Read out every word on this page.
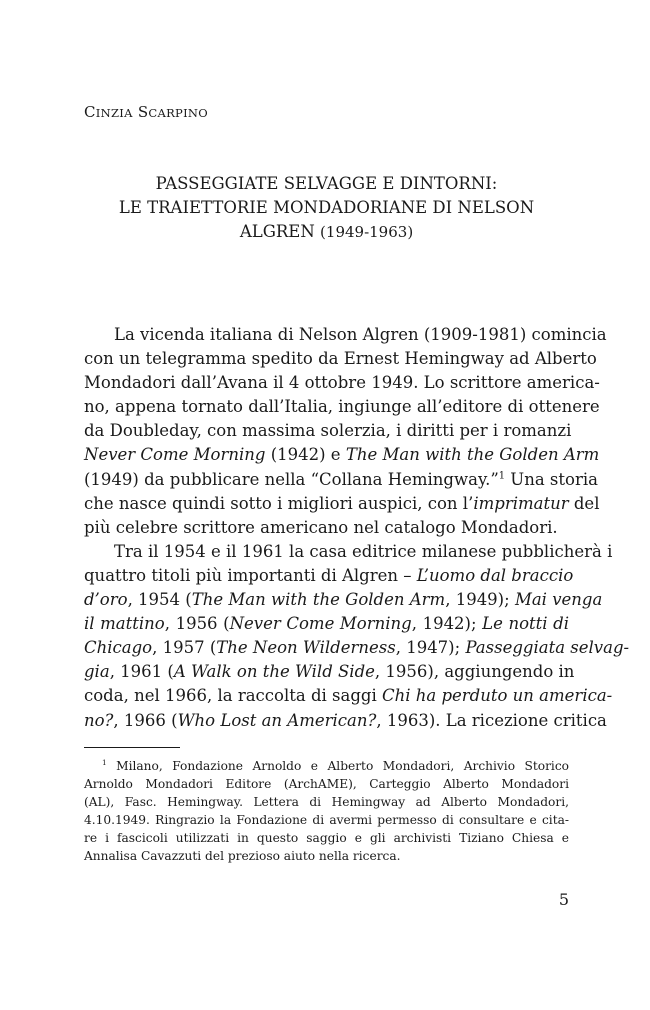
CINZIA SCARPINO
PASSEGGIATE SELVAGGE E DINTORNI:
LE TRAIETTORIE MONDADORIANE DI NELSON
ALGREN (1949-1963)
La vicenda italiana di Nelson Algren (1909-1981) comincia
con un telegramma spedito da Ernest Hemingway ad Alberto
Mondadori dall’Avana il 4 ottobre 1949. Lo scrittore america-
no, appena tornato dall’Italia, ingiunge all’editore di ottenere
da Doubleday, con massima solerzia, i diritti per i romanzi
Never Come Morning (1942) e The Man with the Golden Arm
(1949) da pubblicare nella “Collana Hemingway.”$^1$ Una storia
che nasce quindi sotto i migliori auspici, con l’imprimatur del
più celebre scrittore americano nel catalogo Mondadori.
Tra il 1954 e il 1961 la casa editrice milanese pubblicherà i
quattro titoli più importanti di Algren – L’uomo dal braccio
d’oro, 1954 (The Man with the Golden Arm, 1949); Mai venga
il mattino, 1956 (Never Come Morning, 1942); Le notti di
Chicago, 1957 (The Neon Wilderness, 1947); Passeggiata selvag-
gia, 1961 (A Walk on the Wild Side, 1956), aggiungendo in
coda, nel 1966, la raccolta di saggi Chi ha perduto un america-
no?, 1966 (Who Lost an American?, 1963). La ricezione critica
$^1$ Milano, Fondazione Arnoldo e Alberto Mondadori, Archivio Storico
Arnoldo Mondadori Editore (ArchAME), Carteggio Alberto Mondadori
(AL), Fasc. Hemingway. Lettera di Hemingway ad Alberto Mondadori,
4.10.1949. Ringrazio la Fondazione di avermi permesso di consultare e cita-
re i fascicoli utilizzati in questo saggio e gli archivisti Tiziano Chiesa e
Annalisa Cavazzuti del prezioso aiuto nella ricerca.
5
